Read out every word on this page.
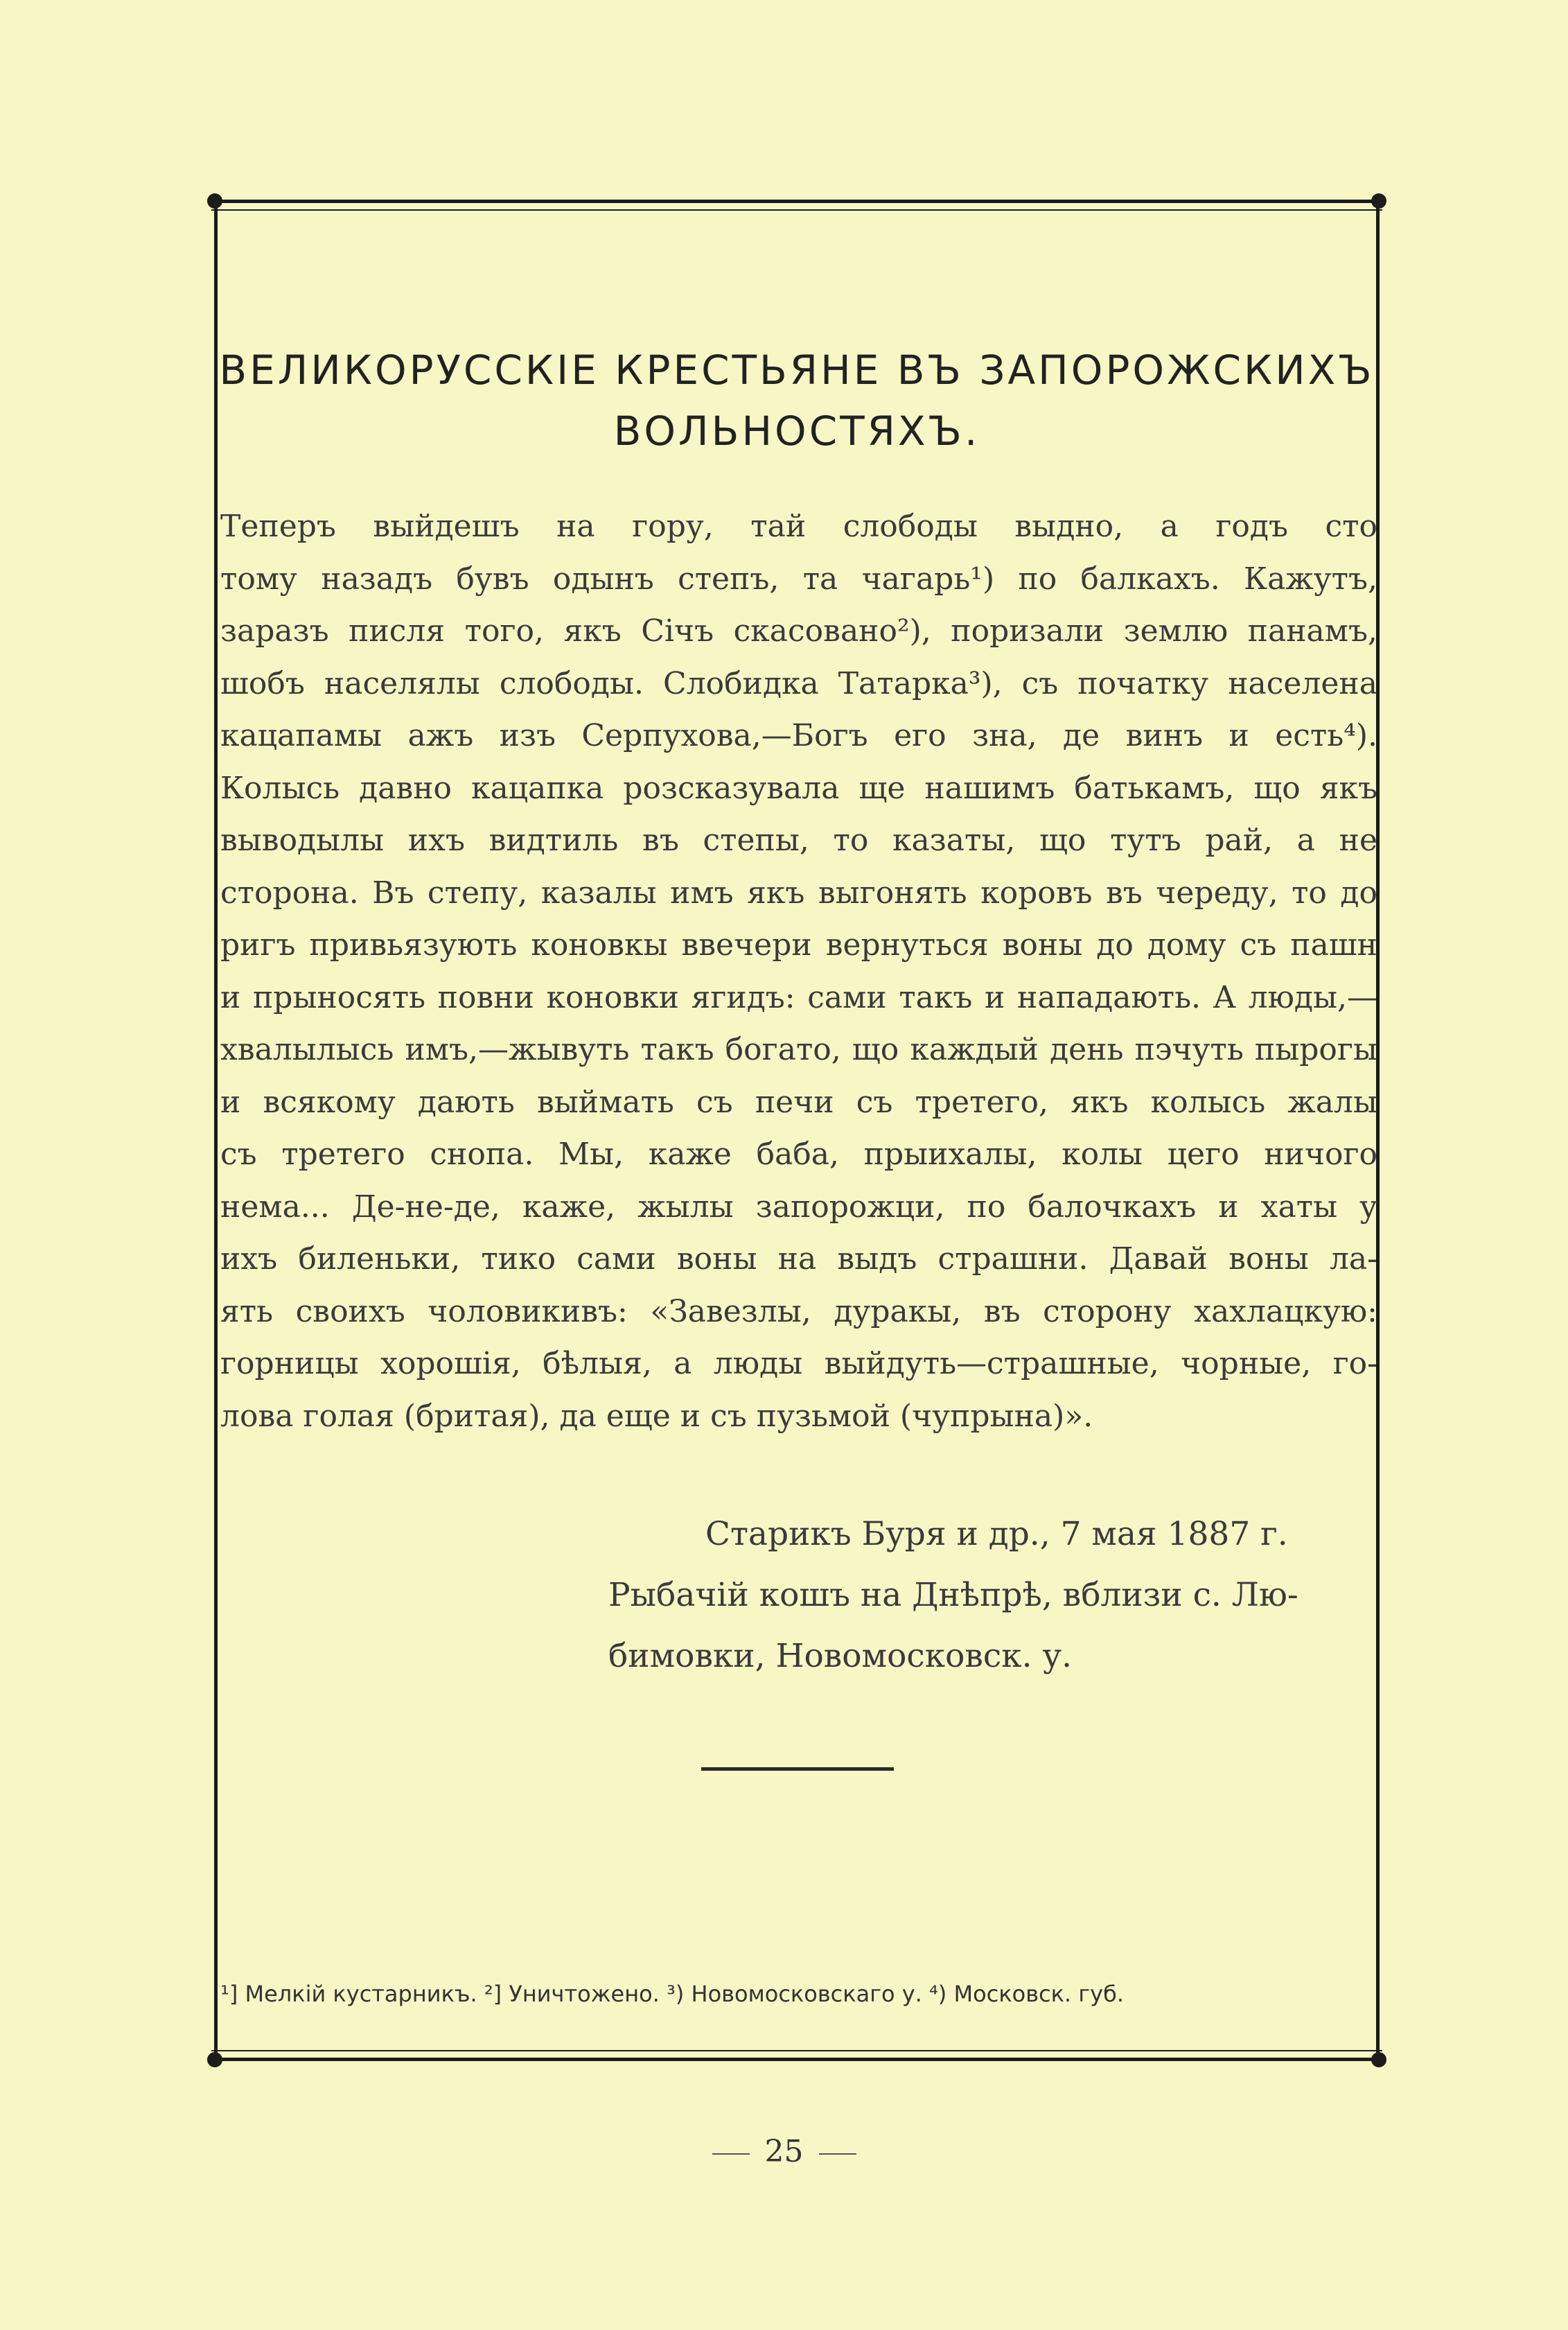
ВЕЛИКОРУССКІЕ КРЕСТЬЯНЕ ВЪ ЗАПОРОЖСКИХЪ
ВОЛЬНОСТЯХЪ.
Теперъ выйдешъ на гору, тай слободы выдно, а годъ сто
тому назадъ бувъ одынъ степъ, та чагарь¹) по балкахъ. Кажутъ,
заразъ писля того, якъ Січъ скасовано²), поризали землю панамъ,
шобъ населялы слободы. Слобидка Татарка³), съ початку населена
кацапамы ажъ изъ Серпухова,—Богъ его зна, де винъ и есть⁴).
Колысь давно кацапка розсказувала ще нашимъ батькамъ, що якъ
выводылы ихъ видтиль въ степы, то казаты, що тутъ рай, а не
сторона. Въ степу, казалы имъ якъ выгонять коровъ въ череду, то до
ригъ привьязують коновкы ввечери вернуться воны до дому съ пашн
и прыносять повни коновки ягидъ: сами такъ и нападають. А люды,—
хвалылысь имъ,—жывуть такъ богато, що каждый день пэчуть пырогы
и всякому дають выймать съ печи съ третего, якъ колысь жалы
съ третего снопа. Мы, каже баба, прыихалы, колы цего ничого
нема... Де-не-де, каже, жылы запорожци, по балочкахъ и хаты у
ихъ биленьки, тико сами воны на выдъ страшни. Давай воны ла-
ять своихъ чоловикивъ: «Завезлы, дуракы, въ сторону хахлацкую:
горницы хорошія, бѣлыя, а люды выйдуть—страшные, чорные, го-
лова голая (бритая), да еще и съ пузьмой (чупрына)».
Старикъ Буря и др., 7 мая 1887 г.
Рыбачій кошъ на Днѣпрѣ, вблизи с. Лю-
бимовки, Новомосковск. у.
¹] Мелкій кустарникъ. ²] Уничтожено. ³) Новомосковскаго у. ⁴) Московск. губ.
25
